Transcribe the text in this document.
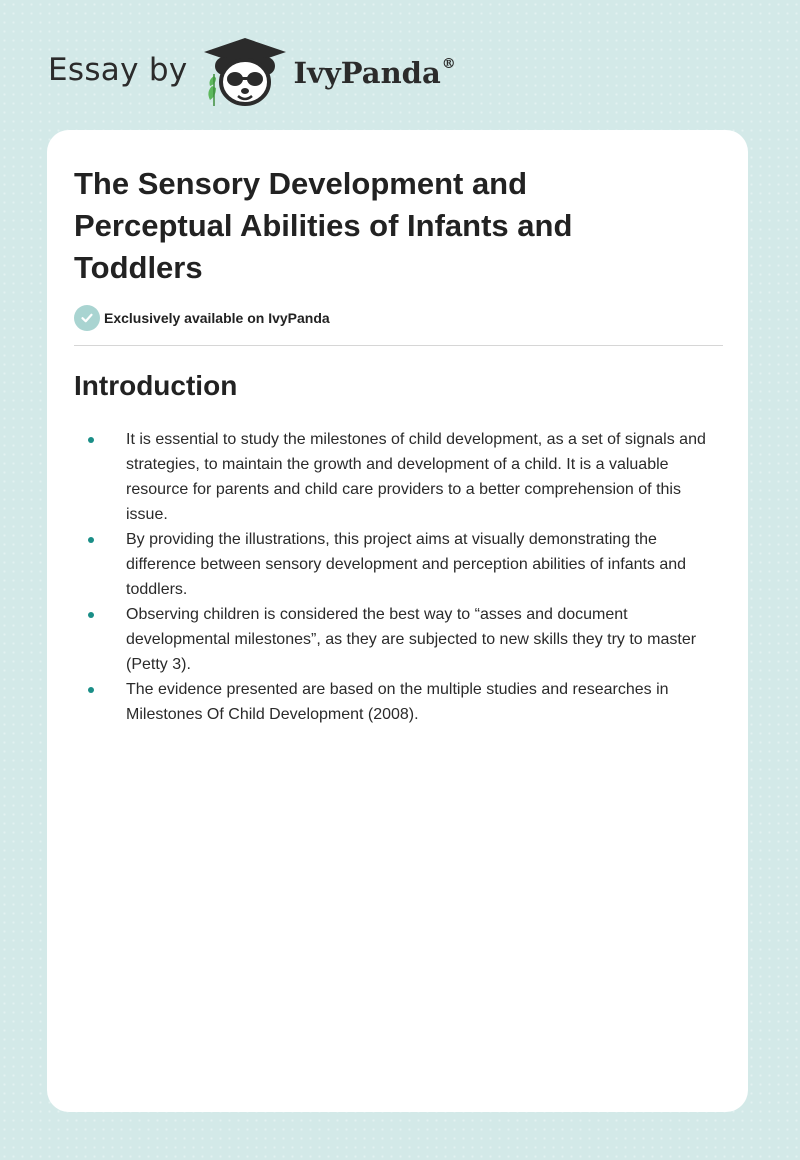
Essay by	IvyPanda®
The Sensory Development and Perceptual Abilities of Infants and Toddlers
Exclusively available on IvyPanda
Introduction
It is essential to study the milestones of child development, as a set of signals and strategies, to maintain the growth and development of a child. It is a valuable resource for parents and child care providers to a better comprehension of this issue.
By providing the illustrations, this project aims at visually demonstrating the difference between sensory development and perception abilities of infants and toddlers.
Observing children is considered the best way to “asses and document developmental milestones”, as they are subjected to new skills they try to master (Petty 3).
The evidence presented are based on the multiple studies and researches in Milestones Of Child Development (2008).
